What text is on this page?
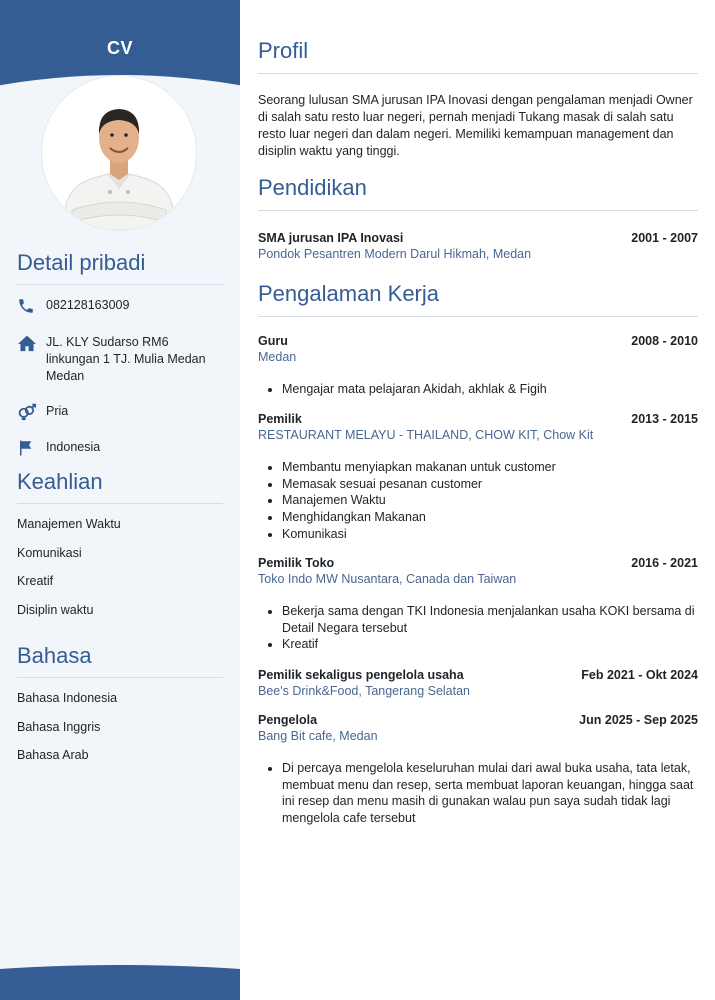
CV
Detail pribadi
082128163009
JL. KLY Sudarso RM6 linkungan 1 TJ. Mulia Medan Medan
Pria
Indonesia
Keahlian
Manajemen Waktu
Komunikasi
Kreatif
Disiplin waktu
Bahasa
Bahasa Indonesia
Bahasa Inggris
Bahasa Arab
Profil

Seorang lulusan SMA jurusan IPA Inovasi dengan pengalaman menjadi Owner di salah satu resto luar negeri, pernah menjadi Tukang masak di salah satu resto luar negeri dan dalam negeri. Memiliki kemampuan management dan disiplin waktu yang tinggi.

Pendidikan
SMA jurusan IPA Inovasi	2001 - 2007
Pondok Pesantren Modern Darul Hikmah, Medan
Pengalaman Kerja
Guru	2008 - 2010
Medan
• Mengajar mata pelajaran Akidah, akhlak & Figih
Pemilik	2013 - 2015
RESTAURANT MELAYU - THAILAND, CHOW KIT, Chow Kit
• Membantu menyiapkan makanan untuk customer
• Memasak sesuai pesanan customer
• Manajemen Waktu
• Menghidangkan Makanan
• Komunikasi
Pemilik Toko	2016 - 2021
Toko Indo MW Nusantara, Canada dan Taiwan
• Bekerja sama dengan TKI Indonesia menjalankan usaha KOKI bersama di Detail Negara tersebut
• Kreatif
Pemilik sekaligus pengelola usaha	Feb 2021 - Okt 2024
Bee's Drink&Food, Tangerang Selatan
Pengelola	Jun 2025 - Sep 2025
Bang Bit cafe, Medan
• Di percaya mengelola keseluruhan mulai dari awal buka usaha, tata letak, membuat menu dan resep, serta membuat laporan keuangan, hingga saat ini resep dan menu masih di gunakan walau pun saya sudah tidak lagi mengelola cafe tersebut
